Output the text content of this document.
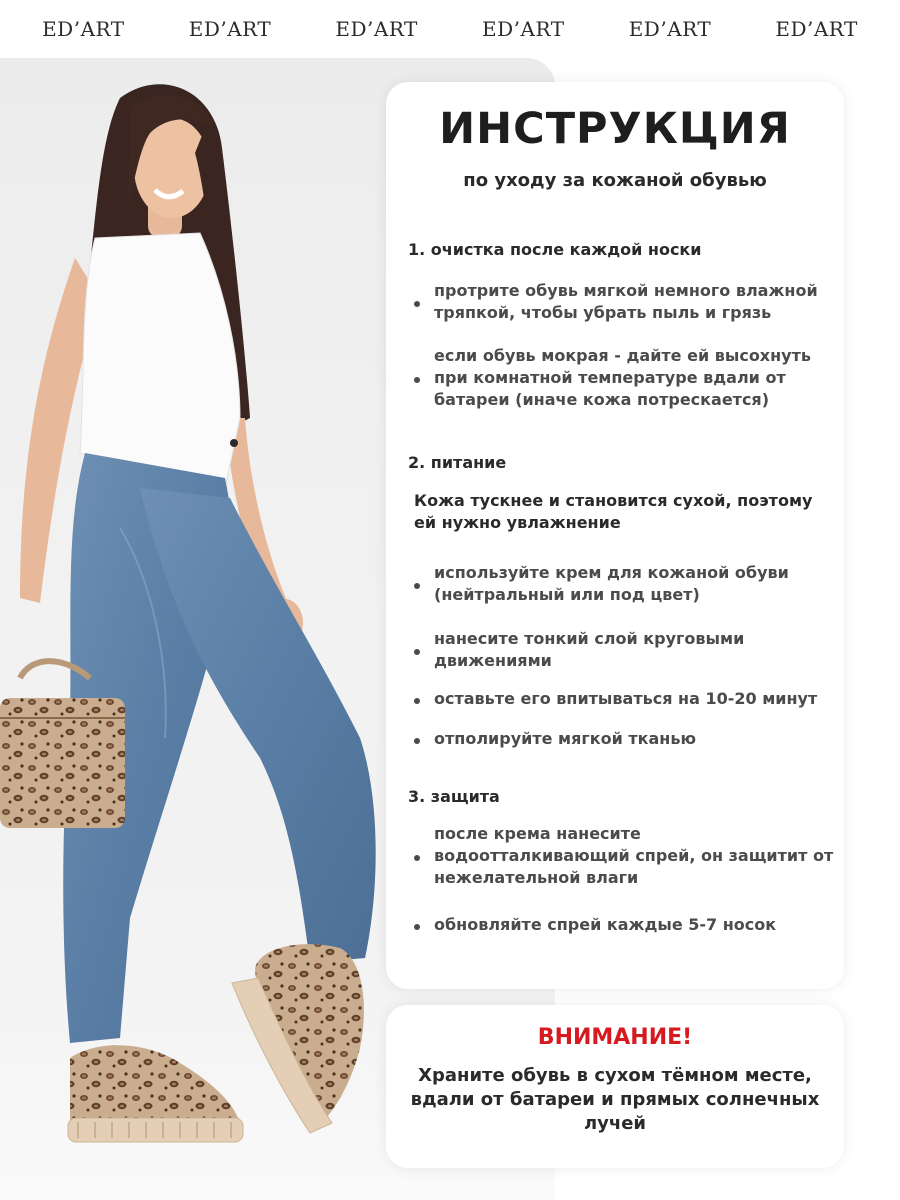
ED’ART	ED’ART	ED’ART	ED’ART	ED’ART	ED’ART
ИНСТРУКЦИЯ
по уходу за кожаной обувью
1. очистка после каждой носки
протрите обувь мягкой немного влажной тряпкой, чтобы убрать пыль и грязь
если обувь мокрая - дайте ей высохнуть при комнатной температуре вдали от батареи (иначе кожа потрескается)
2. питание
Кожа тускнее и становится сухой, поэтому ей нужно увлажнение
используйте крем для кожаной обуви (нейтральный или под цвет)
нанесите тонкий слой круговыми движениями
оставьте его впитываться на 10-20 минут
отполируйте мягкой тканью
3. защита
после крема нанесите водоотталкивающий спрей, он защитит от нежелательной влаги
обновляйте спрей каждые 5-7 носок
ВНИМАНИЕ!
Храните обувь в сухом тёмном месте, вдали от батареи и прямых солнечных лучей
